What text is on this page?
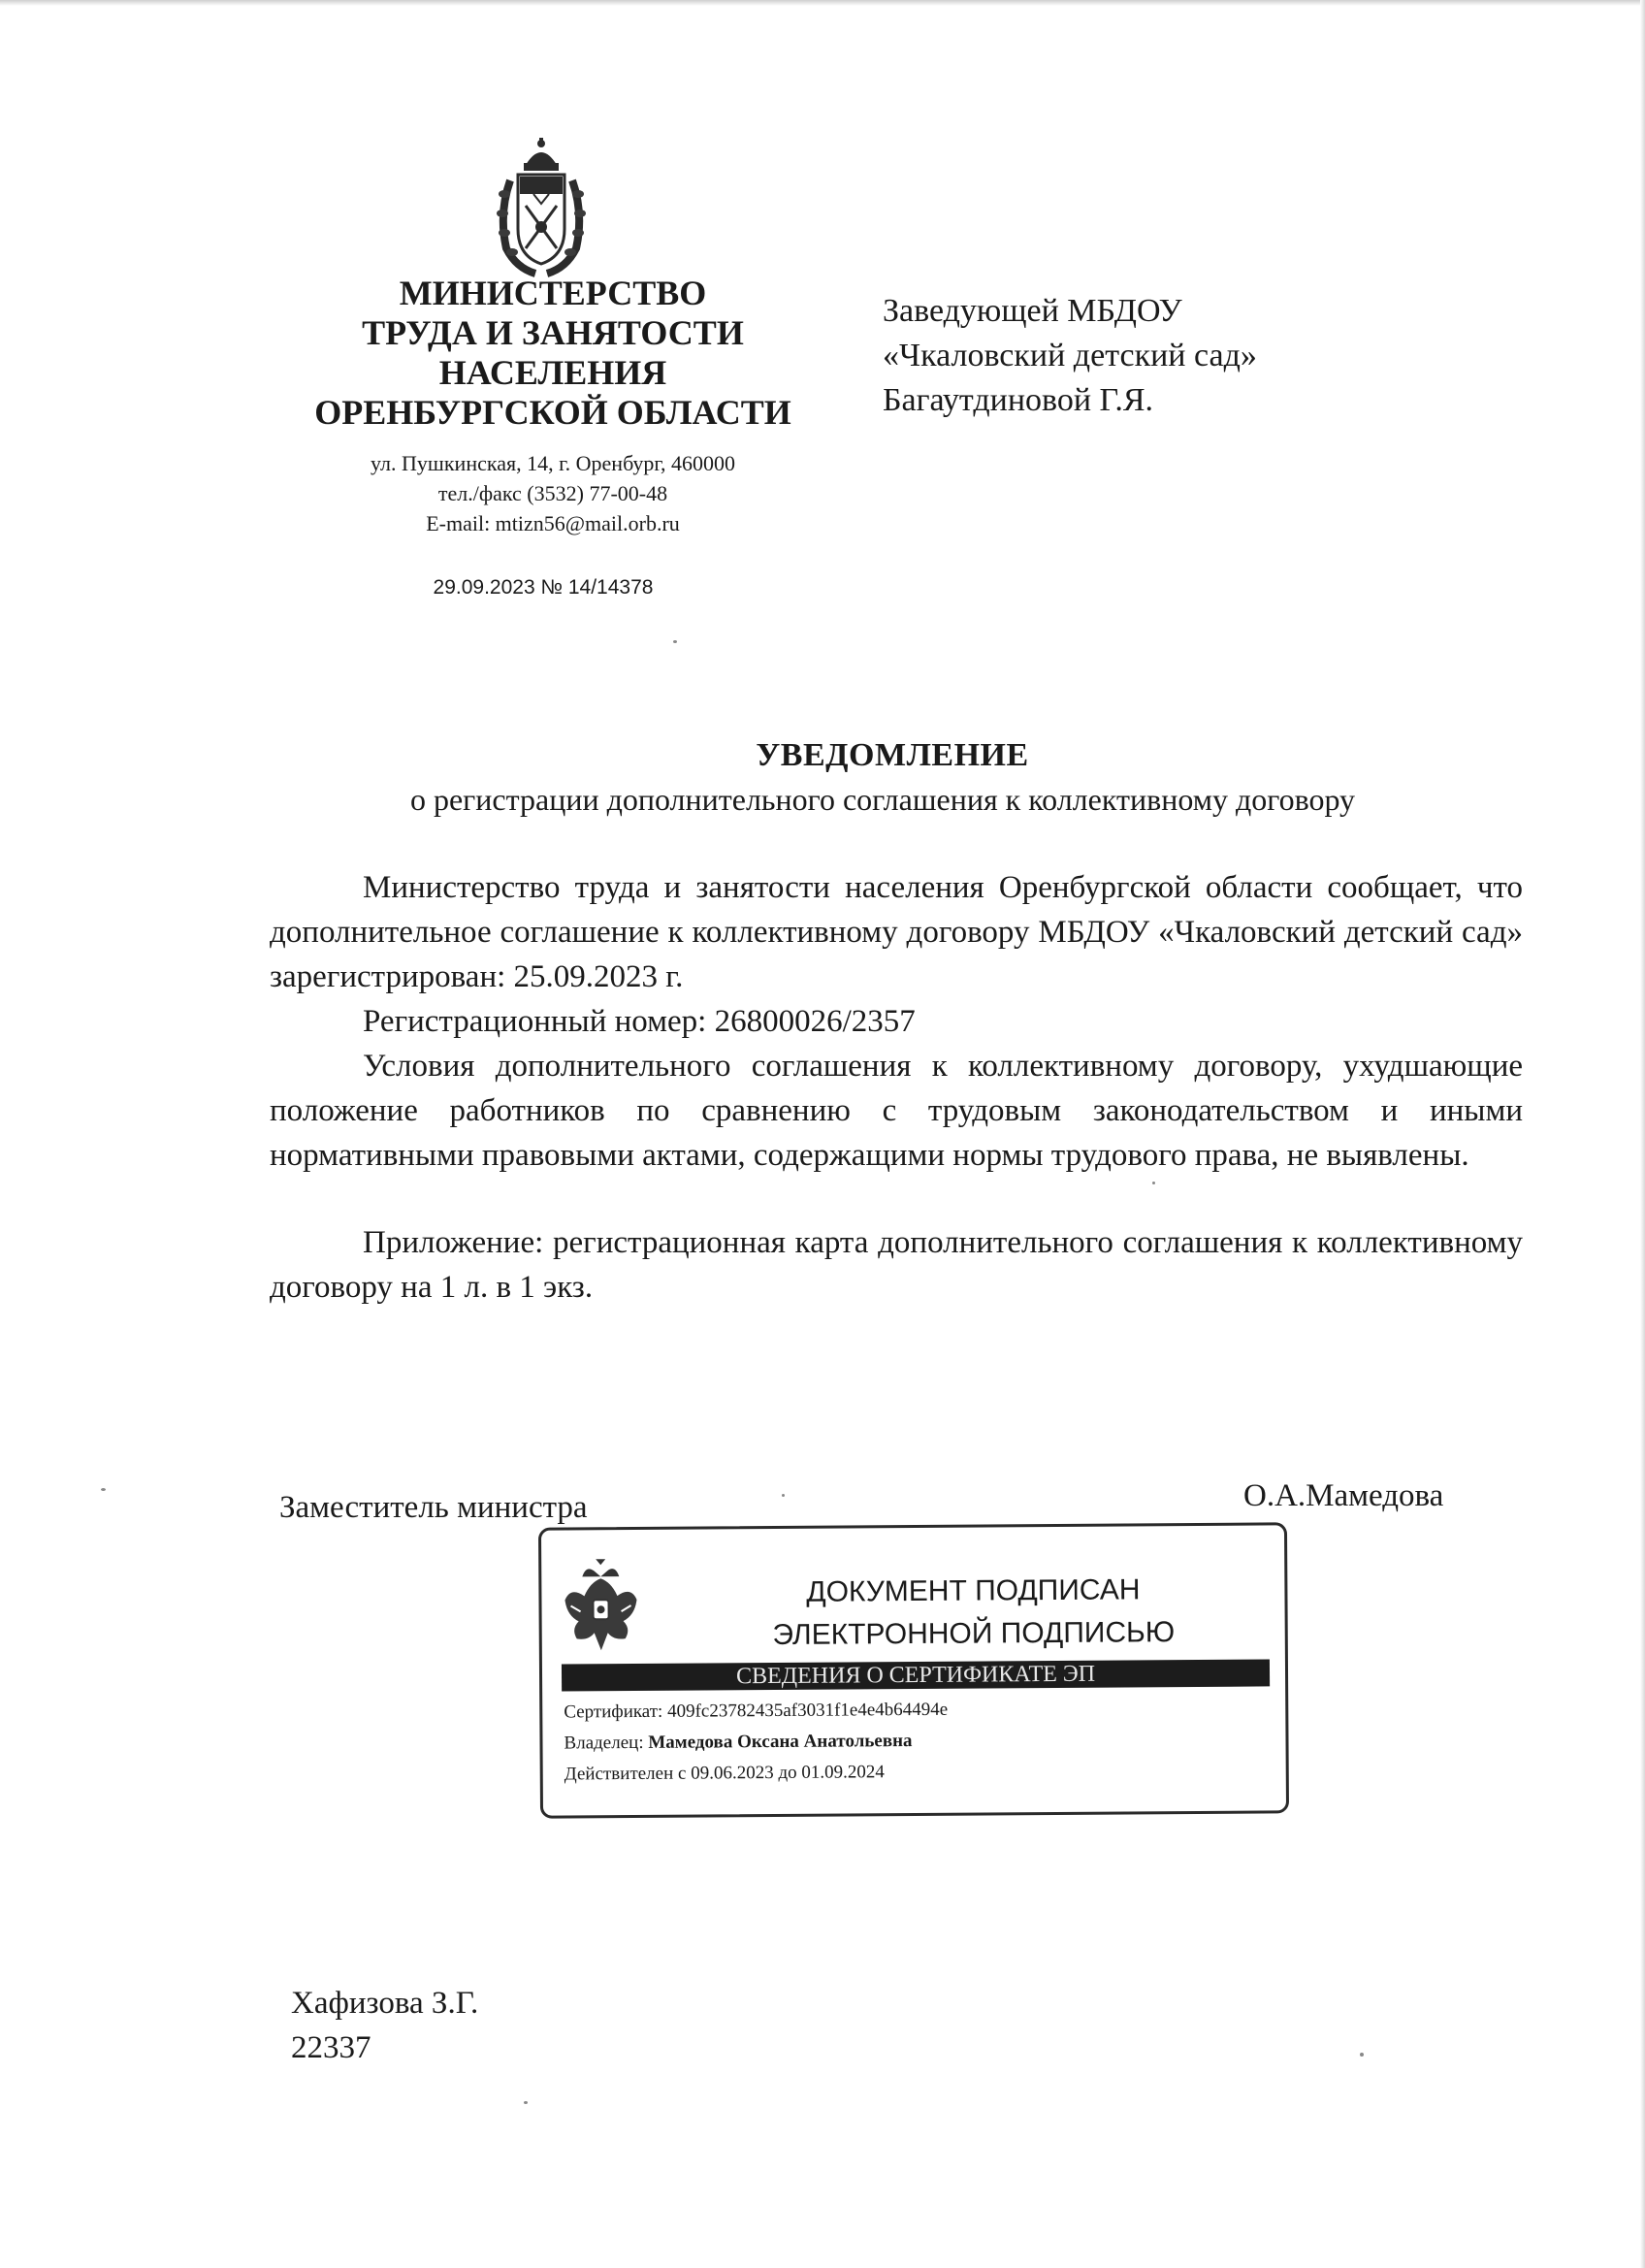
МИНИСТЕРСТВО
ТРУДА И ЗАНЯТОСТИ
НАСЕЛЕНИЯ
ОРЕНБУРГСКОЙ ОБЛАСТИ
ул. Пушкинская, 14, г. Оренбург, 460000
тел./факс (3532) 77-00-48
E-mail: mtizn56@mail.orb.ru
29.09.2023 № 14/14378
Заведующей МБДОУ
«Чкаловский детский сад»
Багаутдиновой Г.Я.
УВЕДОМЛЕНИЕ
о регистрации дополнительного соглашения к коллективному договору

Министерство труда и занятости населения Оренбургской области сообщает, что дополнительное соглашение к коллективному договору МБДОУ «Чкаловский детский сад» зарегистрирован: 25.09.2023 г.

Регистрационный номер: 26800026/2357

Условия дополнительного соглашения к коллективному договору, ухудшающие положение работников по сравнению с трудовым законодательством и иными нормативными правовыми актами, содержащими нормы трудового права, не выявлены.

Приложение: регистрационная карта дополнительного соглашения к коллективному договору на 1 л. в 1 экз.

Заместитель министра	О.А.Мамедова
ДОКУМЕНТ ПОДПИСАН
ЭЛЕКТРОННОЙ ПОДПИСЬЮ
СВЕДЕНИЯ О СЕРТИФИКАТЕ ЭП
Сертификат: 409fc23782435af3031f1e4e4b64494e
Владелец: Мамедова Оксана Анатольевна
Действителен с 09.06.2023 до 01.09.2024
Хафизова З.Г.
22337
